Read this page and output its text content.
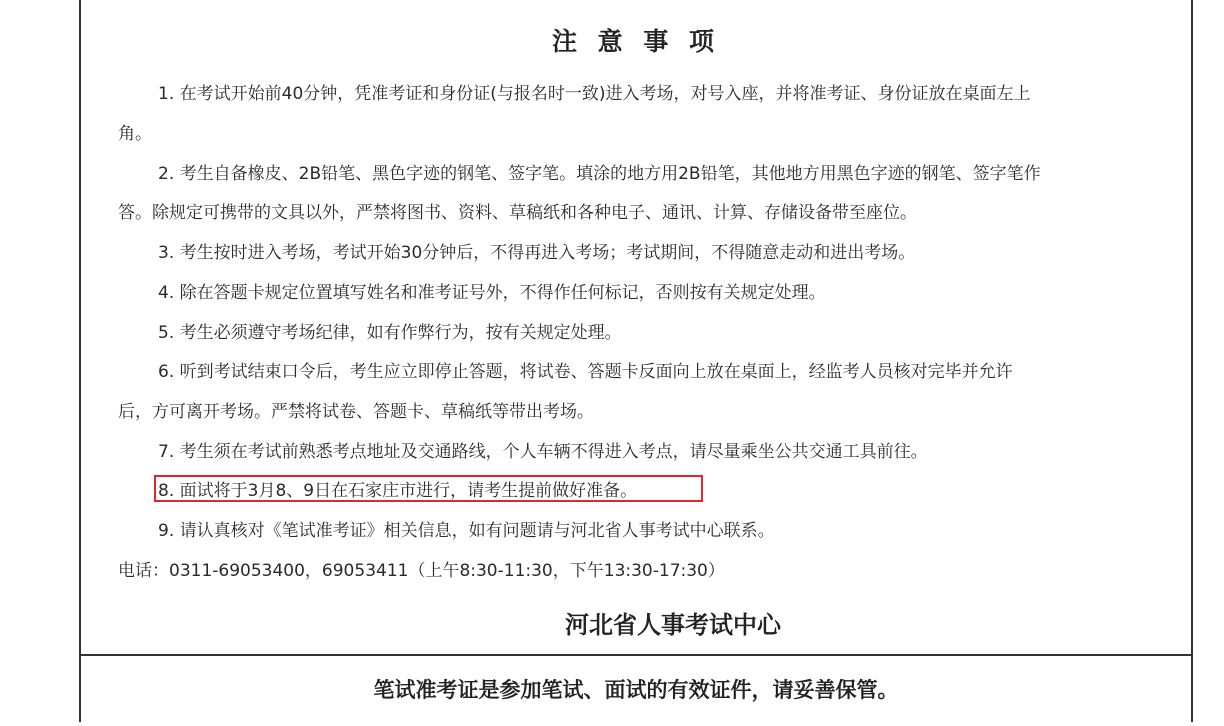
注 意 事 项
1. 在考试开始前40分钟，凭准考证和身份证(与报名时一致)进入考场，对号入座，并将准考证、身份证放在桌面左上
角。
2. 考生自备橡皮、2B铅笔、黑色字迹的钢笔、签字笔。填涂的地方用2B铅笔，其他地方用黑色字迹的钢笔、签字笔作
答。除规定可携带的文具以外，严禁将图书、资料、草稿纸和各种电子、通讯、计算、存储设备带至座位。
3. 考生按时进入考场，考试开始30分钟后，不得再进入考场；考试期间，不得随意走动和进出考场。
4. 除在答题卡规定位置填写姓名和准考证号外，不得作任何标记，否则按有关规定处理。
5. 考生必须遵守考场纪律，如有作弊行为，按有关规定处理。
6. 听到考试结束口令后，考生应立即停止答题，将试卷、答题卡反面向上放在桌面上，经监考人员核对完毕并允许
后，方可离开考场。严禁将试卷、答题卡、草稿纸等带出考场。
7. 考生须在考试前熟悉考点地址及交通路线，个人车辆不得进入考点，请尽量乘坐公共交通工具前往。
8. 面试将于3月8、9日在石家庄市进行，请考生提前做好准备。
9. 请认真核对《笔试准考证》相关信息，如有问题请与河北省人事考试中心联系。
电话：0311-69053400，69053411（上午8:30-11:30，下午13:30-17:30）
河北省人事考试中心
笔试准考证是参加笔试、面试的有效证件，请妥善保管。
